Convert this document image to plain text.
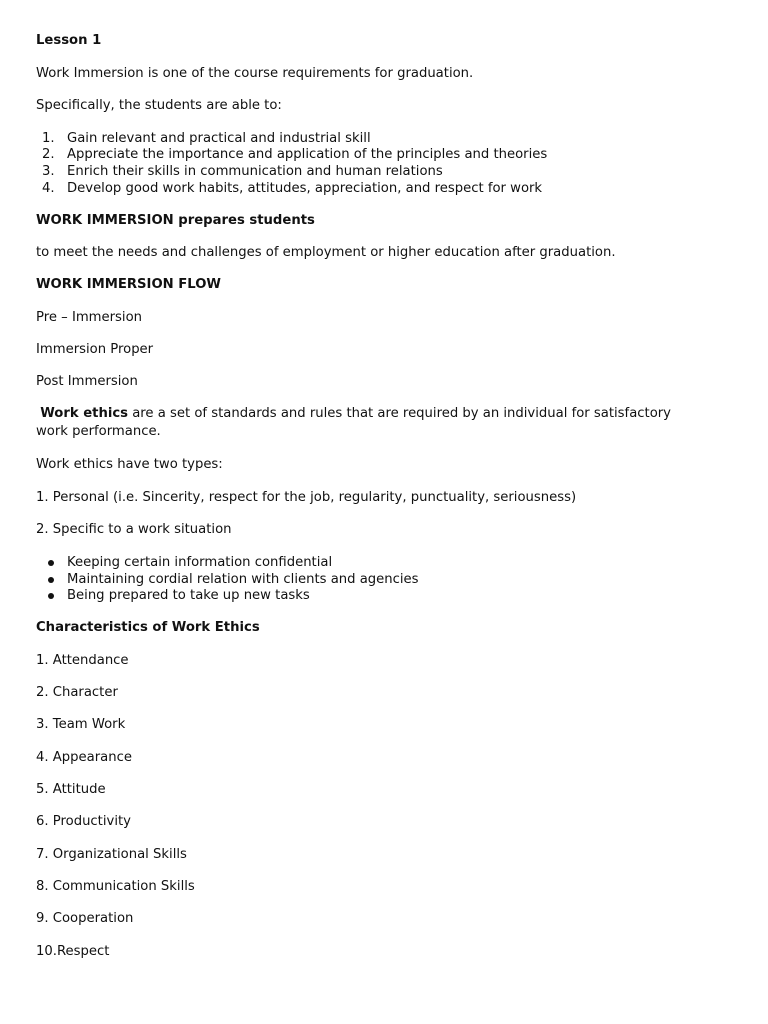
Lesson 1
Work Immersion is one of the course requirements for graduation.
Specifically, the students are able to:
1. Gain relevant and practical and industrial skill
2. Appreciate the importance and application of the principles and theories
3. Enrich their skills in communication and human relations
4. Develop good work habits, attitudes, appreciation, and respect for work
WORK IMMERSION prepares students
to meet the needs and challenges of employment or higher education after graduation.
WORK IMMERSION FLOW
Pre – Immersion
Immersion Proper
Post Immersion
Work ethics are a set of standards and rules that are required by an individual for satisfactory work performance.
Work ethics have two types:
1. Personal (i.e. Sincerity, respect for the job, regularity, punctuality, seriousness)
2. Specific to a work situation
Keeping certain information confidential
Maintaining cordial relation with clients and agencies
Being prepared to take up new tasks
Characteristics of Work Ethics
1. Attendance
2. Character
3. Team Work
4. Appearance
5. Attitude
6. Productivity
7. Organizational Skills
8. Communication Skills
9. Cooperation
10.Respect
